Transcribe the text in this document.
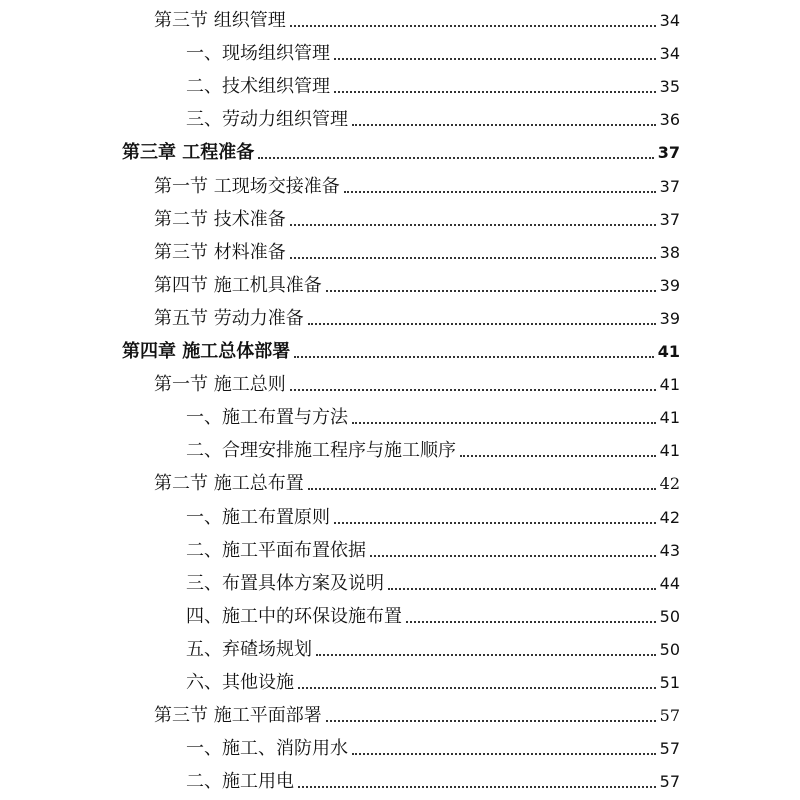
第三节 组织管理	34
一、现场组织管理	34
二、技术组织管理	35
三、劳动力组织管理	36
第三章 工程准备	37
第一节 工现场交接准备	37
第二节 技术准备	37
第三节 材料准备	38
第四节 施工机具准备	39
第五节 劳动力准备	39
第四章 施工总体部署	41
第一节 施工总则	41
一、施工布置与方法	41
二、合理安排施工程序与施工顺序	41
第二节 施工总布置	42
一、施工布置原则	42
二、施工平面布置依据	43
三、布置具体方案及说明	44
四、施工中的环保设施布置	50
五、弃碴场规划	50
六、其他设施	51
第三节 施工平面部署	57
一、施工、消防用水	57
二、施工用电	57
